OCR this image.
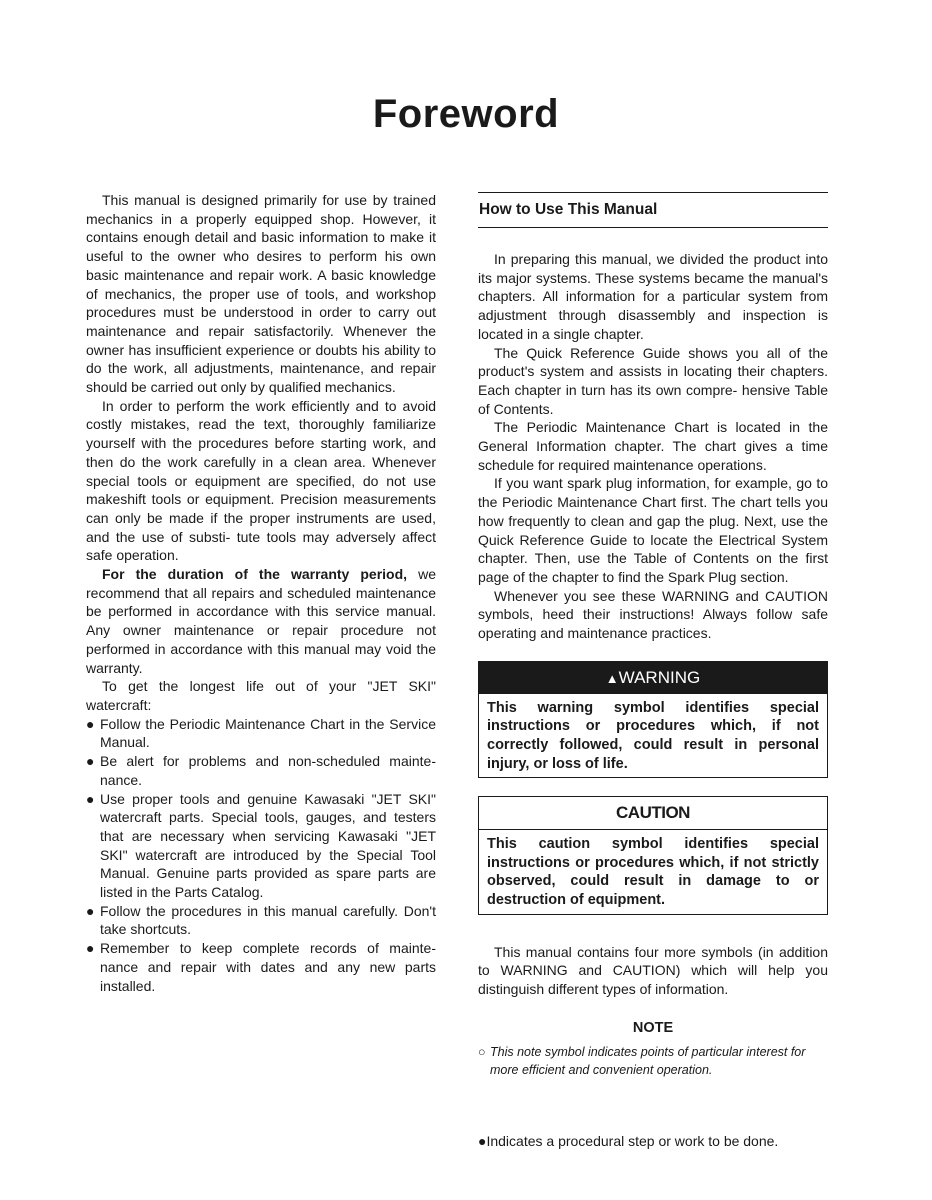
Foreword

This manual is designed primarily for use by trained mechanics in a properly equipped shop. However, it contains enough detail and basic information to make it useful to the owner who desires to perform his own basic maintenance and repair work. A basic knowledge of mechanics, the proper use of tools, and workshop procedures must be understood in order to carry out maintenance and repair satisfactorily. Whenever the owner has insufficient experience or doubts his ability to do the work, all adjustments, maintenance, and repair should be carried out only by qualified mechanics.

In order to perform the work efficiently and to avoid costly mistakes, read the text, thoroughly familiarize yourself with the procedures before starting work, and then do the work carefully in a clean area. Whenever special tools or equipment are specified, do not use makeshift tools or equipment. Precision measurements can only be made if the proper instruments are used, and the use of substi- tute tools may adversely affect safe operation.

For the duration of the warranty period, we recommend that all repairs and scheduled maintenance be performed in accordance with this service manual. Any owner maintenance or repair procedure not performed in accordance with this manual may void the warranty.

To get the longest life out of your "JET SKI" watercraft:

● Follow the Periodic Maintenance Chart in the Service Manual.
● Be alert for problems and non-scheduled mainte- nance.
● Use proper tools and genuine Kawasaki "JET SKI" watercraft parts. Special tools, gauges, and testers that are necessary when servicing Kawasaki "JET SKI" watercraft are introduced by the Special Tool Manual. Genuine parts provided as spare parts are listed in the Parts Catalog.
● Follow the procedures in this manual carefully. Don't take shortcuts.
● Remember to keep complete records of mainte- nance and repair with dates and any new parts installed.
How to Use This Manual

In preparing this manual, we divided the product into its major systems. These systems became the manual's chapters. All information for a particular system from adjustment through disassembly and inspection is located in a single chapter.

The Quick Reference Guide shows you all of the product's system and assists in locating their chapters. Each chapter in turn has its own compre- hensive Table of Contents.

The Periodic Maintenance Chart is located in the General Information chapter. The chart gives a time schedule for required maintenance operations.

If you want spark plug information, for example, go to the Periodic Maintenance Chart first. The chart tells you how frequently to clean and gap the plug. Next, use the Quick Reference Guide to locate the Electrical System chapter. Then, use the Table of Contents on the first page of the chapter to find the Spark Plug section.

Whenever you see these WARNING and CAUTION symbols, heed their instructions! Always follow safe operating and maintenance practices.

▲WARNING
This warning symbol identifies special instructions or procedures which, if not correctly followed, could result in personal injury, or loss of life.
CAUTION
This caution symbol identifies special instructions or procedures which, if not strictly observed, could result in damage to or destruction of equipment.

This manual contains four more symbols (in addition to WARNING and CAUTION) which will help you distinguish different types of information.

NOTE
○ This note symbol indicates points of particular interest for more efficient and convenient operation.
●Indicates a procedural step or work to be done.
